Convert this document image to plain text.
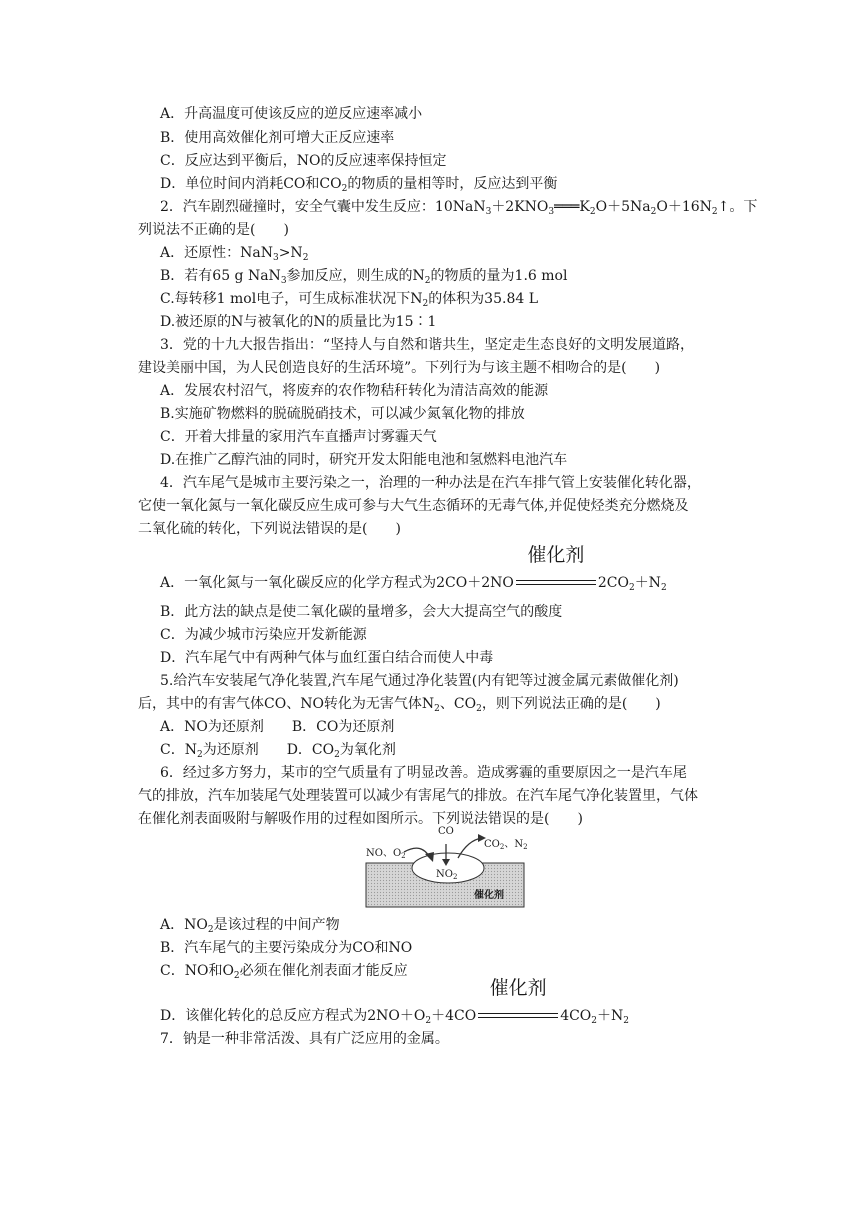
A．升高温度可使该反应的逆反应速率减小
B．使用高效催化剂可增大正反应速率
C．反应达到平衡后，NO的反应速率保持恒定
D．单位时间内消耗CO和$CO_2$的物质的量相等时，反应达到平衡
2．汽车剧烈碰撞时，安全气囊中发生反应：$10NaN_3+2KNO_3═══K_2O+5Na_2O+16N_2↑$。下
列说法不正确的是(　　)
A．还原性：$NaN_3>N_2$
B．若有65 g NaN$_3$参加反应，则生成的$N_2$的物质的量为1.6 mol
C.每转移1 mol电子，可生成标准状况下$N_2$的体积为35.84 L
D.被还原的N与被氧化的N的质量比为15∶1
3．党的十九大报告指出：“坚持人与自然和谐共生，坚定走生态良好的文明发展道路，
建设美丽中国，为人民创造良好的生活环境”。下列行为与该主题不相吻合的是(　　)
A．发展农村沼气，将废弃的农作物秸秆转化为清洁高效的能源
B.实施矿物燃料的脱硫脱硝技术，可以减少氮氧化物的排放
C．开着大排量的家用汽车直播声讨雾霾天气
D.在推广乙醇汽油的同时，研究开发太阳能电池和氢燃料电池汽车
4．汽车尾气是城市主要污染之一，治理的一种办法是在汽车排气管上安装催化转化器，
它使一氧化氮与一氧化碳反应生成可参与大气生态循环的无毒气体,并促使烃类充分燃烧及
二氧化硫的转化，下列说法错误的是(　　)
A．一氧化氮与一氧化碳反应的化学方程式为2CO＋2NO
催化剂
$2CO_2+N_2$
B．此方法的缺点是使二氧化碳的量增多，会大大提高空气的酸度
C．为减少城市污染应开发新能源
D．汽车尾气中有两种气体与血红蛋白结合而使人中毒
5.给汽车安装尾气净化装置,汽车尾气通过净化装置(内有钯等过渡金属元素做催化剂)
后，其中的有害气体CO、NO转化为无害气体$N_2$、$CO_2$，则下列说法正确的是(　　)
A．NO为还原剂　　B．CO为还原剂
C．$N_2$为还原剂　　D．$CO_2$为氧化剂
6．经过多方努力，某市的空气质量有了明显改善。造成雾霾的重要原因之一是汽车尾
气的排放，汽车加装尾气处理装置可以减少有害尾气的排放。在汽车尾气净化装置里，气体
在催化剂表面吸附与解吸作用的过程如图所示。下列说法错误的是(　　)
CO
NO、$O_2$
$CO_2$、$N_2$
$NO_2$
催化剂
A．$NO_2$是该过程的中间产物
B．汽车尾气的主要污染成分为CO和NO
C．NO和$O_2$必须在催化剂表面才能反应
D．该催化转化的总反应方程式为$2NO+O_2+4CO$
催化剂
$4CO_2+N_2$
7．钠是一种非常活泼、具有广泛应用的金属。
